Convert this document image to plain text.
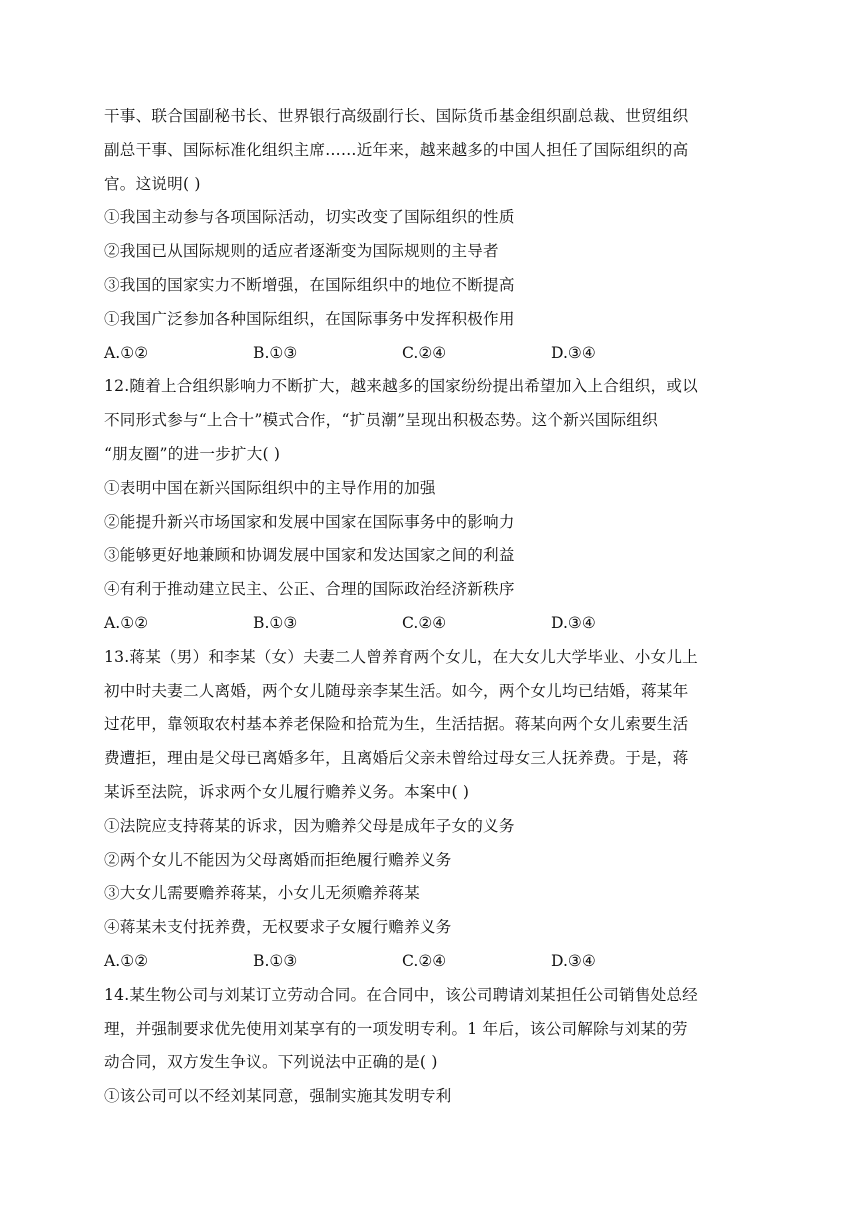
干事、联合国副秘书长、世界银行高级副行长、国际货币基金组织副总裁、世贸组织
副总干事、国际标准化组织主席……近年来，越来越多的中国人担任了国际组织的高
官。这说明( )
①我国主动参与各项国际活动，切实改变了国际组织的性质
②我国已从国际规则的适应者逐渐变为国际规则的主导者
③我国的国家实力不断增强，在国际组织中的地位不断提高
①我国广泛参加各种国际组织，在国际事务中发挥积极作用
A.①②	B.①③	C.②④	D.③④
12.随着上合组织影响力不断扩大，越来越多的国家纷纷提出希望加入上合组织，或以
不同形式参与“上合十”模式合作，“扩员潮”呈现出积极态势。这个新兴国际组织
“朋友圈”的进一步扩大( )
①表明中国在新兴国际组织中的主导作用的加强
②能提升新兴市场国家和发展中国家在国际事务中的影响力
③能够更好地兼顾和协调发展中国家和发达国家之间的利益
④有利于推动建立民主、公正、合理的国际政治经济新秩序
A.①②	B.①③	C.②④	D.③④
13.蒋某（男）和李某（女）夫妻二人曾养育两个女儿，在大女儿大学毕业、小女儿上
初中时夫妻二人离婚，两个女儿随母亲李某生活。如今，两个女儿均已结婚，蒋某年
过花甲，靠领取农村基本养老保险和拾荒为生，生活拮据。蒋某向两个女儿索要生活
费遭拒，理由是父母已离婚多年，且离婚后父亲未曾给过母女三人抚养费。于是，蒋
某诉至法院，诉求两个女儿履行赡养义务。本案中( )
①法院应支持蒋某的诉求，因为赡养父母是成年子女的义务
②两个女儿不能因为父母离婚而拒绝履行赡养义务
③大女儿需要赡养蒋某，小女儿无须赡养蒋某
④蒋某未支付抚养费，无权要求子女履行赡养义务
A.①②	B.①③	C.②④	D.③④
14.某生物公司与刘某订立劳动合同。在合同中，该公司聘请刘某担任公司销售处总经
理，并强制要求优先使用刘某享有的一项发明专利。1 年后，该公司解除与刘某的劳
动合同，双方发生争议。下列说法中正确的是( )
①该公司可以不经刘某同意，强制实施其发明专利
